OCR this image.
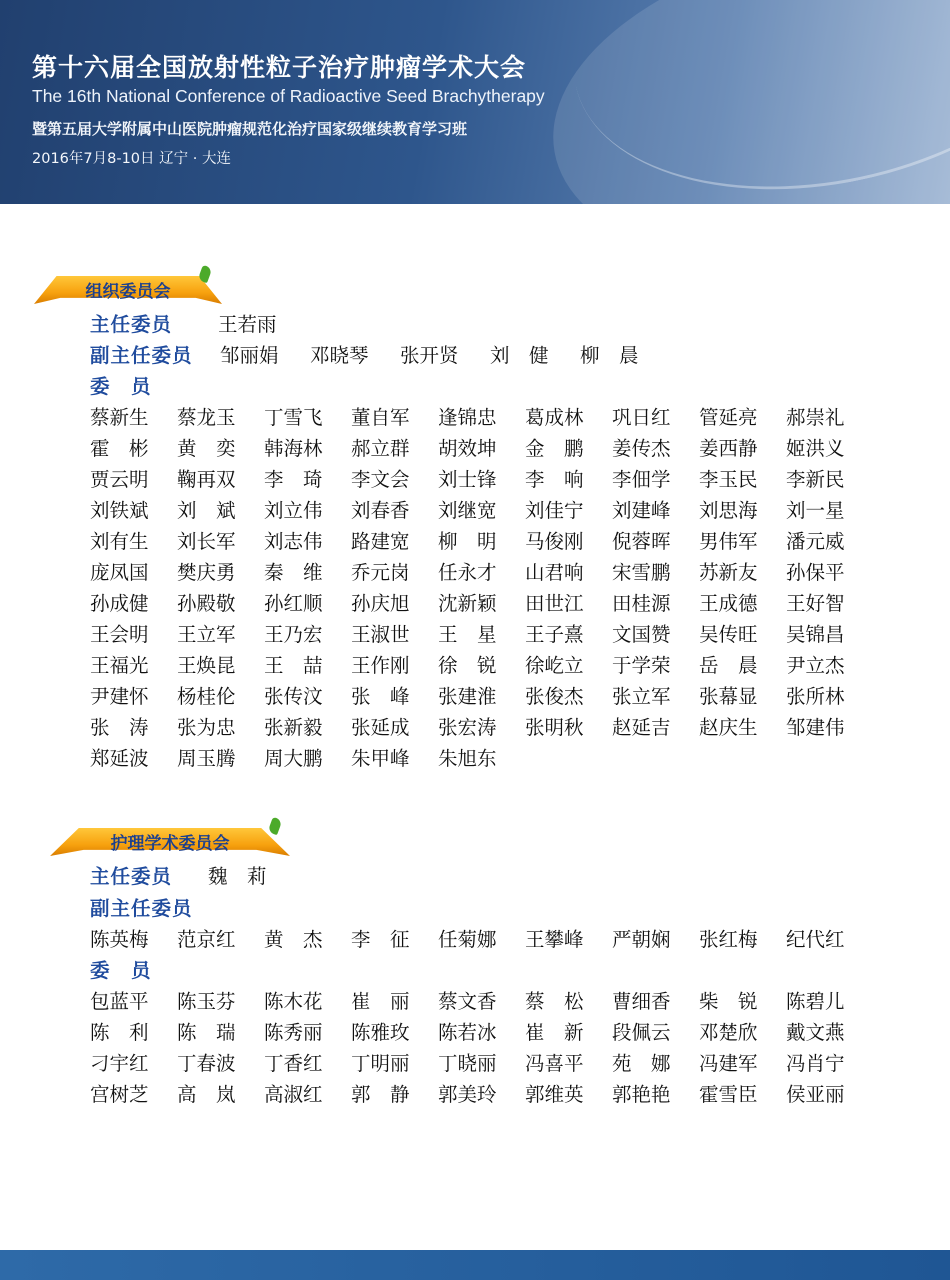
第十六届全国放射性粒子治疗肿瘤学术大会
The 16th National Conference of Radioactive Seed Brachytherapy
暨第五届大学附属中山医院肿瘤规范化治疗国家级继续教育学习班
2016年7月8-10日 辽宁 · 大连
组织委员会
主任委员 王若雨
副主任委员 邹丽娟 邓晓琴 张开贤 刘　健 柳　晨
委　员
蔡新生 蔡龙玉 丁雪飞 董自军 逢锦忠 葛成林 巩日红 管延亮 郝崇礼
霍　彬 黄　奕 韩海林 郝立群 胡效坤 金　鹏 姜传杰 姜西静 姬洪义
贾云明 鞠再双 李　琦 李文会 刘士锋 李　响 李佃学 李玉民 李新民
刘铁斌 刘　斌 刘立伟 刘春香 刘继宽 刘佳宁 刘建峰 刘思海 刘一星
刘有生 刘长军 刘志伟 路建宽 柳　明 马俊刚 倪蓉晖 男伟军 潘元威
庞凤国 樊庆勇 秦　维 乔元岗 任永才 山君响 宋雪鹏 苏新友 孙保平
孙成健 孙殿敬 孙红顺 孙庆旭 沈新颖 田世江 田桂源 王成德 王好智
王会明 王立军 王乃宏 王淑世 王　星 王子熹 文国赞 吴传旺 吴锦昌
王福光 王焕昆 王　喆 王作刚 徐　锐 徐屹立 于学荣 岳　晨 尹立杰
尹建怀 杨桂伦 张传汶 张　峰 张建淮 张俊杰 张立军 张幕显 张所林
张　涛 张为忠 张新毅 张延成 张宏涛 张明秋 赵延吉 赵庆生 邹建伟
郑延波 周玉腾 周大鹏 朱甲峰 朱旭东
护理学术委员会
主任委员 魏　莉
副主任委员
陈英梅 范京红 黄　杰 李　征 任菊娜 王攀峰 严朝娴 张红梅 纪代红
委　员
包蓝平 陈玉芬 陈木花 崔　丽 蔡文香 蔡　松 曹细香 柴　锐 陈碧儿
陈　利 陈　瑞 陈秀丽 陈雅玫 陈若冰 崔　新 段佩云 邓楚欣 戴文燕
刁宇红 丁春波 丁香红 丁明丽 丁晓丽 冯喜平 苑　娜 冯建军 冯肖宁
宫树芝 高　岚 高淑红 郭　静 郭美玲 郭维英 郭艳艳 霍雪臣 侯亚丽
